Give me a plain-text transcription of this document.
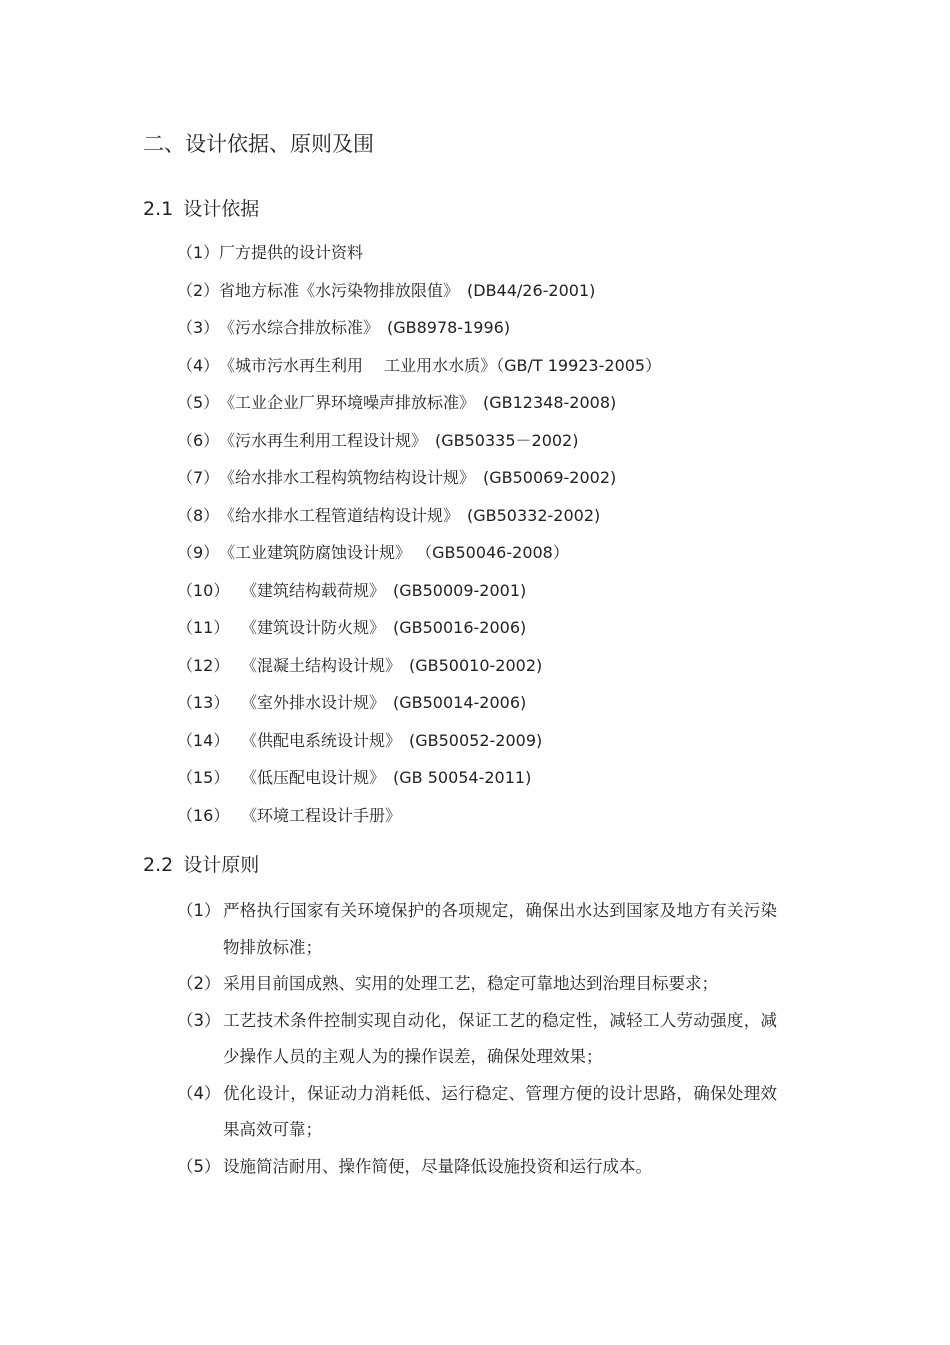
二、设计依据、原则及围
2.1 设计依据
（1） 厂方提供的设计资料
（2） 省地方标准《水污染物排放限值》　(DB44/26-2001)
（3） 《污水综合排放标准》　(GB8978-1996)
（4） 《城市污水再生利用　 工业用水水质》（GB/T 19923-2005）
（5） 《工业企业厂界环境噪声排放标准》　(GB12348-2008)
（6） 《污水再生利用工程设计规》　(GB50335－2002)
（7） 《给水排水工程构筑物结构设计规》　(GB50069-2002)
（8） 《给水排水工程管道结构设计规》　(GB50332-2002)
（9） 《工业建筑防腐蚀设计规》 （GB50046-2008）
（10） 《建筑结构载荷规》　(GB50009-2001)
（11） 《建筑设计防火规》　(GB50016-2006)
（12） 《混凝土结构设计规》　(GB50010-2002)
（13） 《室外排水设计规》　(GB50014-2006)
（14） 《供配电系统设计规》　(GB50052-2009)
（15） 《低压配电设计规》　(GB 50054-2011)
（16） 《环境工程设计手册》
2.2 设计原则
（1） 严格执行国家有关环境保护的各项规定，确保出水达到国家及地方有关污染物排放标准；
（2） 采用目前国成熟、实用的处理工艺，稳定可靠地达到治理目标要求；
（3） 工艺技术条件控制实现自动化，保证工艺的稳定性，减轻工人劳动强度，减少操作人员的主观人为的操作误差，确保处理效果；
（4） 优化设计，保证动力消耗低、运行稳定、管理方便的设计思路，确保处理效果高效可靠；
（5） 设施简洁耐用、操作简便，尽量降低设施投资和运行成本。
